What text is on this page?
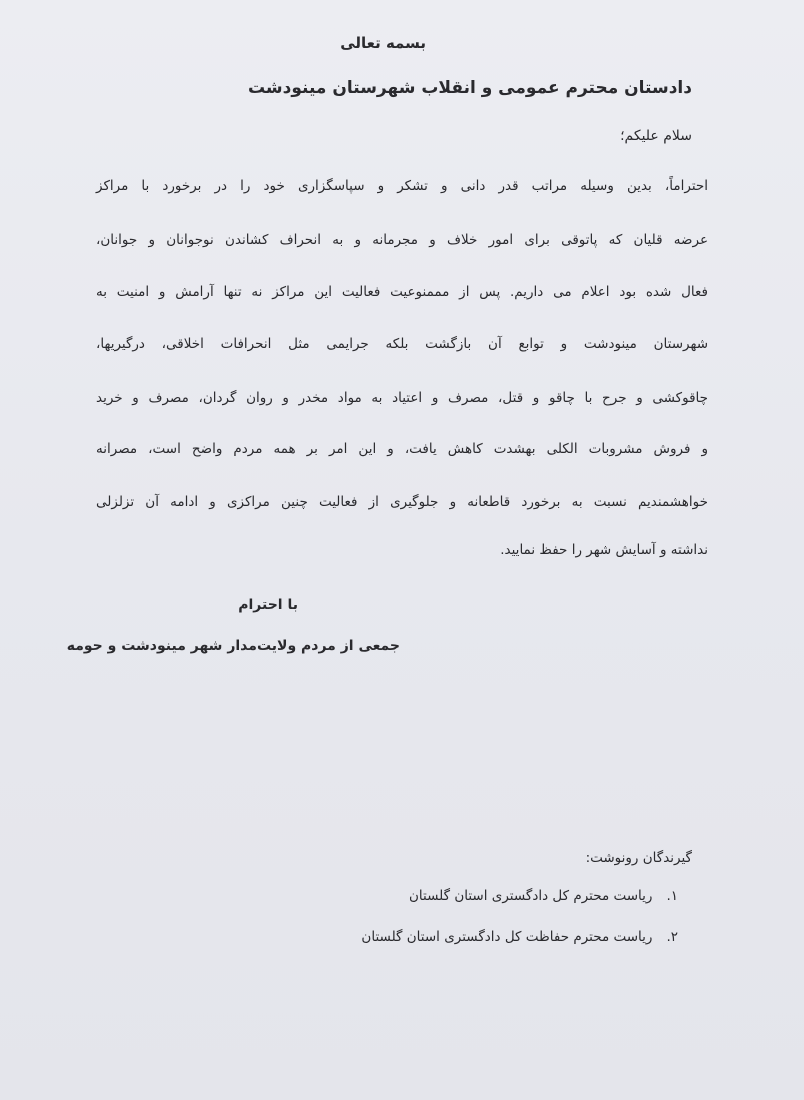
بسمه تعالی

دادستان محترم عمومی و انقلاب شهرستان مینودشت

سلام علیکم؛

احتراماً، بدین وسیله مراتب قدر دانی و تشکر و سپاسگزاری خود را در برخورد با مراکز

عرضه قلیان که پاتوقی برای امور خلاف و مجرمانه و به انحراف کشاندن نوجوانان و جوانان،

فعال شده بود اعلام می داریم. پس از مممنوعیت فعالیت این مراکز نه تنها آرامش و امنیت به

شهرستان مینودشت و توابع آن بازگشت بلکه جرایمی مثل انحرافات اخلاقی، درگیریها،

چاقوکشی و جرح با چاقو و قتل، مصرف و اعتیاد به مواد مخدر و روان گردان، مصرف و خرید

و فروش مشروبات الکلی بهشدت کاهش یافت، و این امر بر همه مردم واضح است، مصرانه

خواهشمندیم نسبت به برخورد قاطعانه و جلوگیری از فعالیت چنین مراکزی و ادامه آن تزلزلی

نداشته و آسایش شهر را حفظ نمایید.

با احترام

جمعی از مردم ولایت‌مدار شهر مینودشت و حومه

گیرندگان رونوشت:

۱.ریاست محترم کل دادگستری استان گلستان

۲.ریاست محترم حفاظت کل دادگستری استان گلستان
